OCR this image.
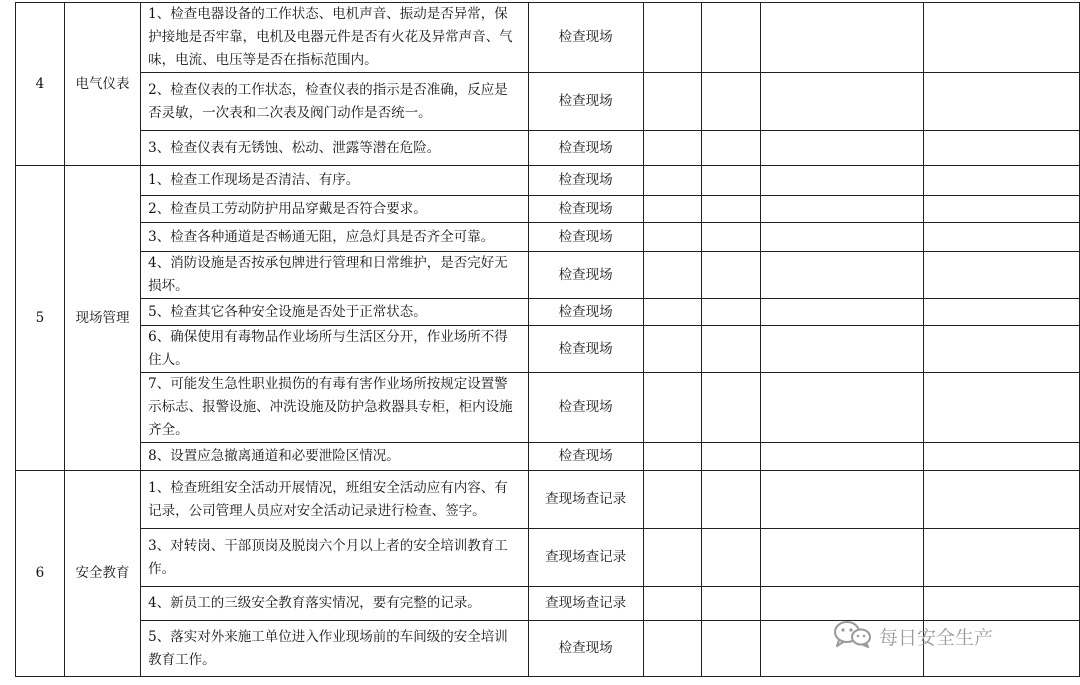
4	电气仪表	1、检查电器设备的工作状态、电机声音、振动是否异常，保护接地是否牢靠，电机及电器元件是否有火花及异常声音、气味，电流、电压等是否在指标范围内。	检查现场				
		2、检查仪表的工作状态，检查仪表的指示是否准确，反应是否灵敏，一次表和二次表及阀门动作是否统一。	检查现场				
		3、检查仪表有无锈蚀、松动、泄露等潜在危险。	检查现场				
5	现场管理	1、检查工作现场是否清洁、有序。	检查现场				
		2、检查员工劳动防护用品穿戴是否符合要求。	检查现场				
		3、检查各种通道是否畅通无阻，应急灯具是否齐全可靠。	检查现场				
		4、消防设施是否按承包牌进行管理和日常维护，是否完好无损坏。	检查现场				
		5、检查其它各种安全设施是否处于正常状态。	检查现场				
		6、确保使用有毒物品作业场所与生活区分开，作业场所不得住人。	检查现场				
		7、可能发生急性职业损伤的有毒有害作业场所按规定设置警示标志、报警设施、冲洗设施及防护急救器具专柜，柜内设施齐全。	检查现场				
		8、设置应急撤离通道和必要泄险区情况。	检查现场				
6	安全教育	1、检查班组安全活动开展情况，班组安全活动应有内容、有记录，公司管理人员应对安全活动记录进行检查、签字。	查现场查记录				
		3、对转岗、干部顶岗及脱岗六个月以上者的安全培训教育工作。	查现场查记录				
		4、新员工的三级安全教育落实情况，要有完整的记录。	查现场查记录				
		5、落实对外来施工单位进入作业现场前的车间级的安全培训教育工作。	检查现场					每日安全生产
